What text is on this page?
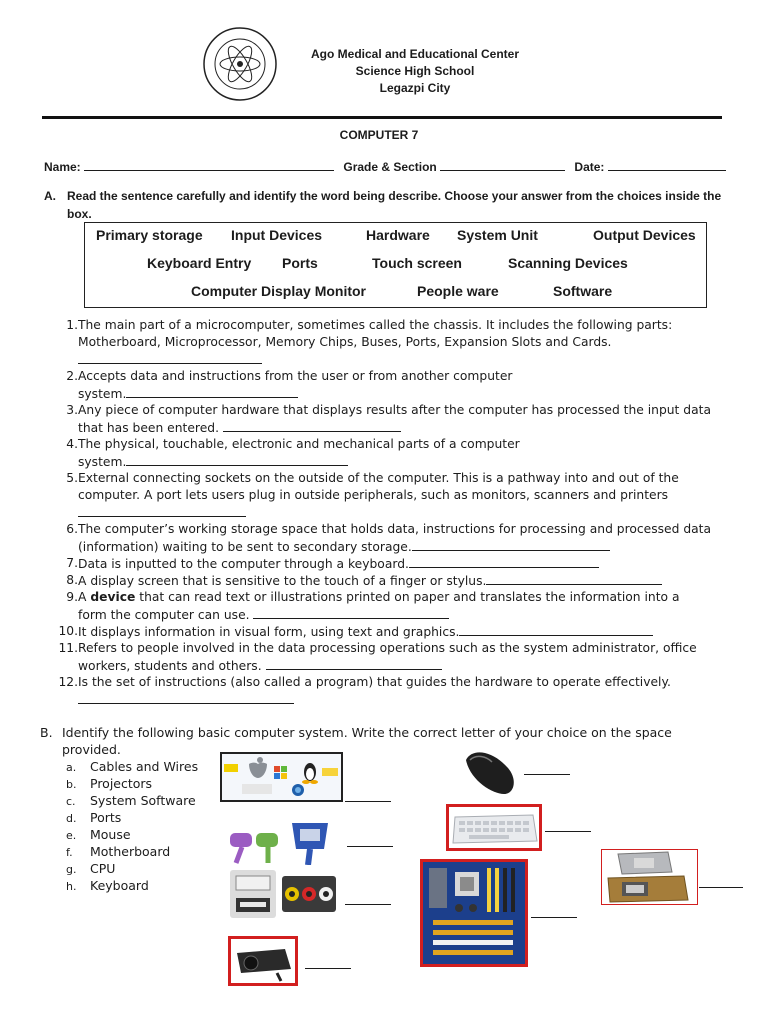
Ago Medical and Educational Center
Science High School
Legazpi City
COMPUTER 7
Name:	Grade & Section	Date:
A. Read the sentence carefully and identify the word being describe. Choose your answer from the choices inside the
box.
Primary storage Input Devices	Hardware System Unit	Output Devices
Keyboard Entry Ports	Touch screen	Scanning Devices
Computer Display Monitor	People ware	Software
1. The main part of a microcomputer, sometimes called the chassis. It includes the following parts:
Motherboard, Microprocessor, Memory Chips, Buses, Ports, Expansion Slots and Cards.
2. Accepts data and instructions from the user or from another computer
system.
3. Any piece of computer hardware that displays results after the computer has processed the input data
that has been entered.
4. The physical, touchable, electronic and mechanical parts of a computer
system.
5. External connecting sockets on the outside of the computer. This is a pathway into and out of the
computer. A port lets users plug in outside peripherals, such as monitors, scanners and printers
6. The computer’s working storage space that holds data, instructions for processing and processed data
(information) waiting to be sent to secondary storage.
7. Data is inputted to the computer through a keyboard.
8. A display screen that is sensitive to the touch of a finger or stylus.
9. A device that can read text or illustrations printed on paper and translates the information into a
form the computer can use.
10. It displays information in visual form, using text and graphics.
11. Refers to people involved in the data processing operations such as the system administrator, office
workers, students and others.
12. Is the set of instructions (also called a program) that guides the hardware to operate effectively.
B. Identify the following basic computer system. Write the correct letter of your choice on the space
provided.
a. Cables and Wires
b. Projectors
c. System Software
d. Ports
e. Mouse
f. Motherboard
g. CPU
h. Keyboard
